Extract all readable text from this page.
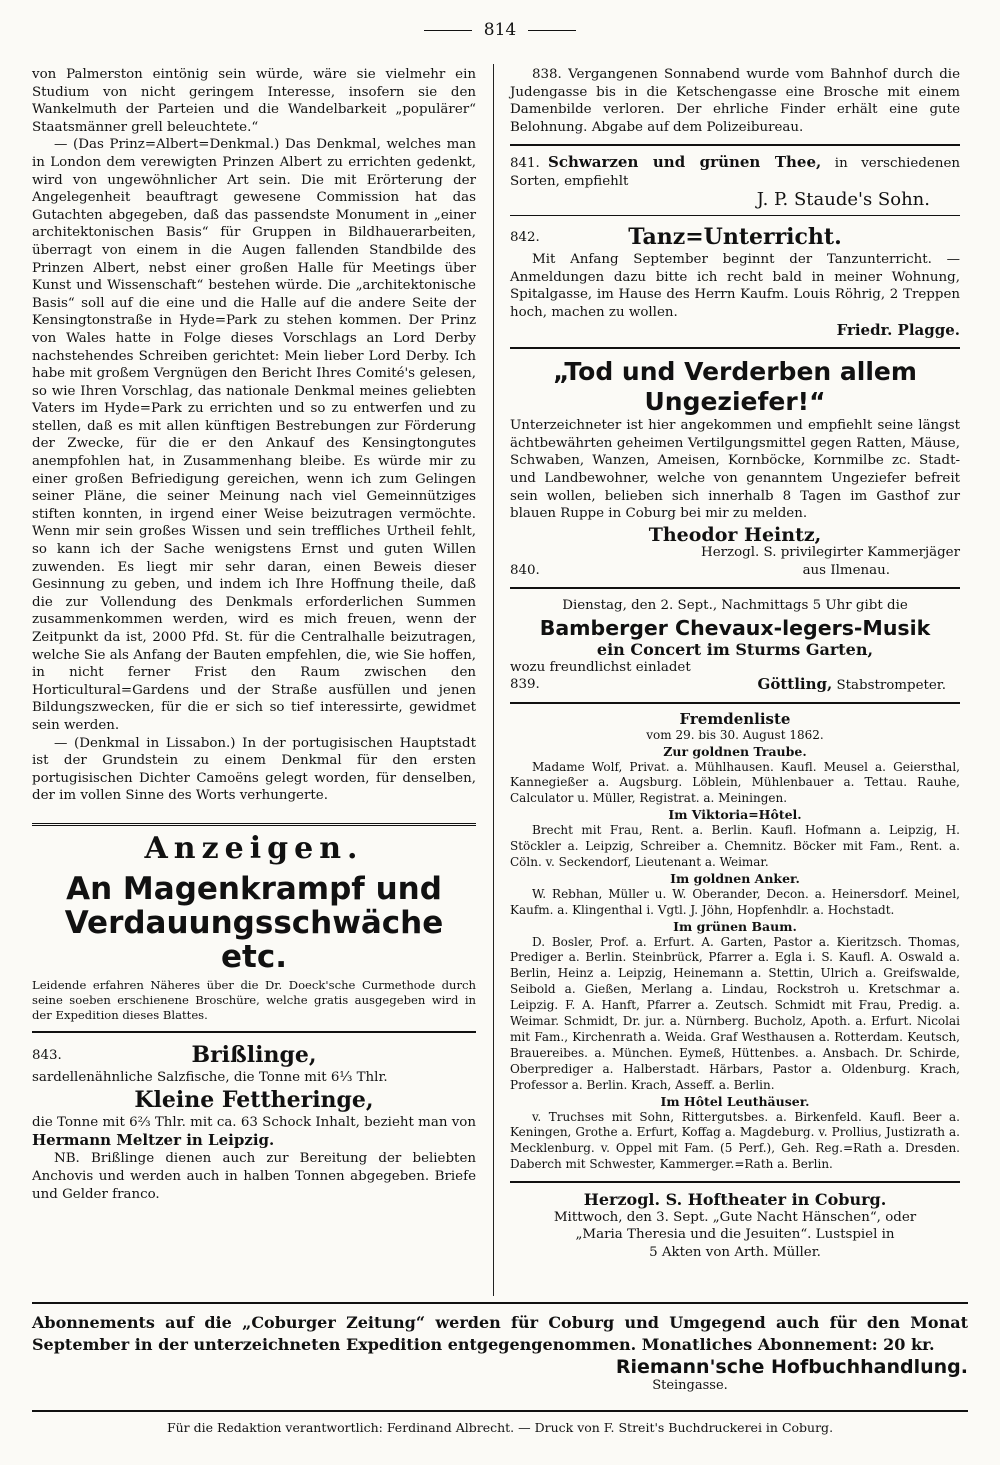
814

von Palmerston eintönig sein würde, wäre sie vielmehr ein Studium von nicht geringem Interesse, insofern sie den Wankelmuth der Parteien und die Wandelbarkeit „populärer“ Staatsmänner grell beleuchtete.“

— (Das Prinz=Albert=Denkmal.) Das Denkmal, welches man in London dem verewigten Prinzen Albert zu errichten gedenkt, wird von ungewöhnlicher Art sein. Die mit Erörterung der Angelegenheit beauftragt gewesene Commission hat das Gutachten abgegeben, daß das passendste Monument in „einer architektonischen Basis“ für Gruppen in Bildhauerarbeiten, überragt von einem in die Augen fallenden Standbilde des Prinzen Albert, nebst einer großen Halle für Meetings über Kunst und Wissenschaft“ bestehen würde. Die „architektonische Basis“ soll auf die eine und die Halle auf die andere Seite der Kensingtonstraße in Hyde=Park zu stehen kommen. Der Prinz von Wales hatte in Folge dieses Vorschlags an Lord Derby nachstehendes Schreiben gerichtet: Mein lieber Lord Derby. Ich habe mit großem Vergnügen den Bericht Ihres Comité's gelesen, so wie Ihren Vorschlag, das nationale Denkmal meines geliebten Vaters im Hyde=Park zu errichten und so zu entwerfen und zu stellen, daß es mit allen künftigen Bestrebungen zur Förderung der Zwecke, für die er den Ankauf des Kensingtongutes anempfohlen hat, in Zusammenhang bleibe. Es würde mir zu einer großen Befriedigung gereichen, wenn ich zum Gelingen seiner Pläne, die seiner Meinung nach viel Gemeinnütziges stiften konnten, in irgend einer Weise beizutragen vermöchte. Wenn mir sein großes Wissen und sein treffliches Urtheil fehlt, so kann ich der Sache wenigstens Ernst und guten Willen zuwenden. Es liegt mir sehr daran, einen Beweis dieser Gesinnung zu geben, und indem ich Ihre Hoffnung theile, daß die zur Vollendung des Denkmals erforderlichen Summen zusammenkommen werden, wird es mich freuen, wenn der Zeitpunkt da ist, 2000 Pfd. St. für die Centralhalle beizutragen, welche Sie als Anfang der Bauten empfehlen, die, wie Sie hoffen, in nicht ferner Frist den Raum zwischen den Horticultural=Gardens und der Straße ausfüllen und jenen Bildungszwecken, für die er sich so tief interessirte, gewidmet sein werden.

— (Denkmal in Lissabon.) In der portugisischen Hauptstadt ist der Grundstein zu einem Denkmal für den ersten portugisischen Dichter Camoëns gelegt worden, für denselben, der im vollen Sinne des Worts verhungerte.

Anzeigen.
An Magenkrampf und Verdauungsschwäche etc.

Leidende erfahren Näheres über die Dr. Doeck'sche Curmethode durch seine soeben erschienene Broschüre, welche gratis ausgegeben wird in der Expedition dieses Blattes.

843.	Brißlinge,

sardellenähnliche Salzfische, die Tonne mit 6⅓ Thlr.

Kleine Fettheringe,

die Tonne mit 6⅔ Thlr. mit ca. 63 Schock Inhalt, bezieht man von Hermann Meltzer in Leipzig.

NB. Brißlinge dienen auch zur Bereitung der beliebten Anchovis und werden auch in halben Tonnen abgegeben. Briefe und Gelder franco.

838. Vergangenen Sonnabend wurde vom Bahnhof durch die Judengasse bis in die Ketschengasse eine Brosche mit einem Damenbilde verloren. Der ehrliche Finder erhält eine gute Belohnung. Abgabe auf dem Polizeibureau.

841. Schwarzen und grünen Thee, in verschiedenen Sorten, empfiehlt

J. P. Staude's Sohn.
842.	Tanz=Unterricht.

Mit Anfang September beginnt der Tanzunterricht. — Anmeldungen dazu bitte ich recht bald in meiner Wohnung, Spitalgasse, im Hause des Herrn Kaufm. Louis Röhrig, 2 Treppen hoch, machen zu wollen.

Friedr. Plagge.
„Tod und Verderben allem Ungeziefer!“

Unterzeichneter ist hier angekommen und empfiehlt seine längst ächtbewährten geheimen Vertilgungsmittel gegen Ratten, Mäuse, Schwaben, Wanzen, Ameisen, Kornböcke, Kornmilbe zc. Stadt- und Landbewohner, welche von genanntem Ungeziefer befreit sein wollen, belieben sich innerhalb 8 Tagen im Gasthof zur blauen Ruppe in Coburg bei mir zu melden.

Theodor Heintz,
Herzogl. S. privilegirter Kammerjäger
840.	aus Ilmenau.

Dienstag, den 2. Sept., Nachmittags 5 Uhr gibt die

Bamberger Chevaux-legers-Musik
ein Concert im Sturms Garten,

wozu freundlichst einladet

839.	Göttling, Stabstrompeter.
Fremdenliste
vom 29. bis 30. August 1862.
Zur goldnen Traube.

Madame Wolf, Privat. a. Mühlhausen. Kaufl. Meusel a. Geiersthal, Kannegießer a. Augsburg. Löblein, Mühlenbauer a. Tettau. Rauhe, Calculator u. Müller, Registrat. a. Meiningen.

Im Viktoria=Hôtel.

Brecht mit Frau, Rent. a. Berlin. Kaufl. Hofmann a. Leipzig, H. Stöckler a. Leipzig, Schreiber a. Chemnitz. Böcker mit Fam., Rent. a. Cöln. v. Seckendorf, Lieutenant a. Weimar.

Im goldnen Anker.

W. Rebhan, Müller u. W. Oberander, Decon. a. Heinersdorf. Meinel, Kaufm. a. Klingenthal i. Vgtl. J. Jöhn, Hopfenhdlr. a. Hochstadt.

Im grünen Baum.

D. Bosler, Prof. a. Erfurt. A. Garten, Pastor a. Kieritzsch. Thomas, Prediger a. Berlin. Steinbrück, Pfarrer a. Egla i. S. Kaufl. A. Oswald a. Berlin, Heinz a. Leipzig, Heinemann a. Stettin, Ulrich a. Greifswalde, Seibold a. Gießen, Merlang a. Lindau, Rockstroh u. Kretschmar a. Leipzig. F. A. Hanft, Pfarrer a. Zeutsch. Schmidt mit Frau, Predig. a. Weimar. Schmidt, Dr. jur. a. Nürnberg. Bucholz, Apoth. a. Erfurt. Nicolai mit Fam., Kirchenrath a. Weida. Graf Westhausen a. Rotterdam. Keutsch, Brauereibes. a. München. Eymeß, Hüttenbes. a. Ansbach. Dr. Schirde, Oberprediger a. Halberstadt. Härbars, Pastor a. Oldenburg. Krach, Professor a. Berlin. Krach, Asseff. a. Berlin.

Im Hôtel Leuthäuser.

v. Truchses mit Sohn, Rittergutsbes. a. Birkenfeld. Kaufl. Beer a. Keningen, Grothe a. Erfurt, Koffag a. Magdeburg. v. Prollius, Justizrath a. Mecklenburg. v. Oppel mit Fam. (5 Perf.), Geh. Reg.=Rath a. Dresden. Daberch mit Schwester, Kammerger.=Rath a. Berlin.

Herzogl. S. Hoftheater in Coburg.

Mittwoch, den 3. Sept. „Gute Nacht Hänschen“, oder

„Maria Theresia und die Jesuiten“. Lustspiel in

5 Akten von Arth. Müller.

Abonnements auf die „Coburger Zeitung“ werden für Coburg und Umgegend auch für den Monat September in der unterzeichneten Expedition entgegengenommen. Monatliches Abonnement: 20 kr.

Riemann'sche Hofbuchhandlung.
Steingasse.
Für die Redaktion verantwortlich: Ferdinand Albrecht. — Druck von F. Streit's Buchdruckerei in Coburg.
